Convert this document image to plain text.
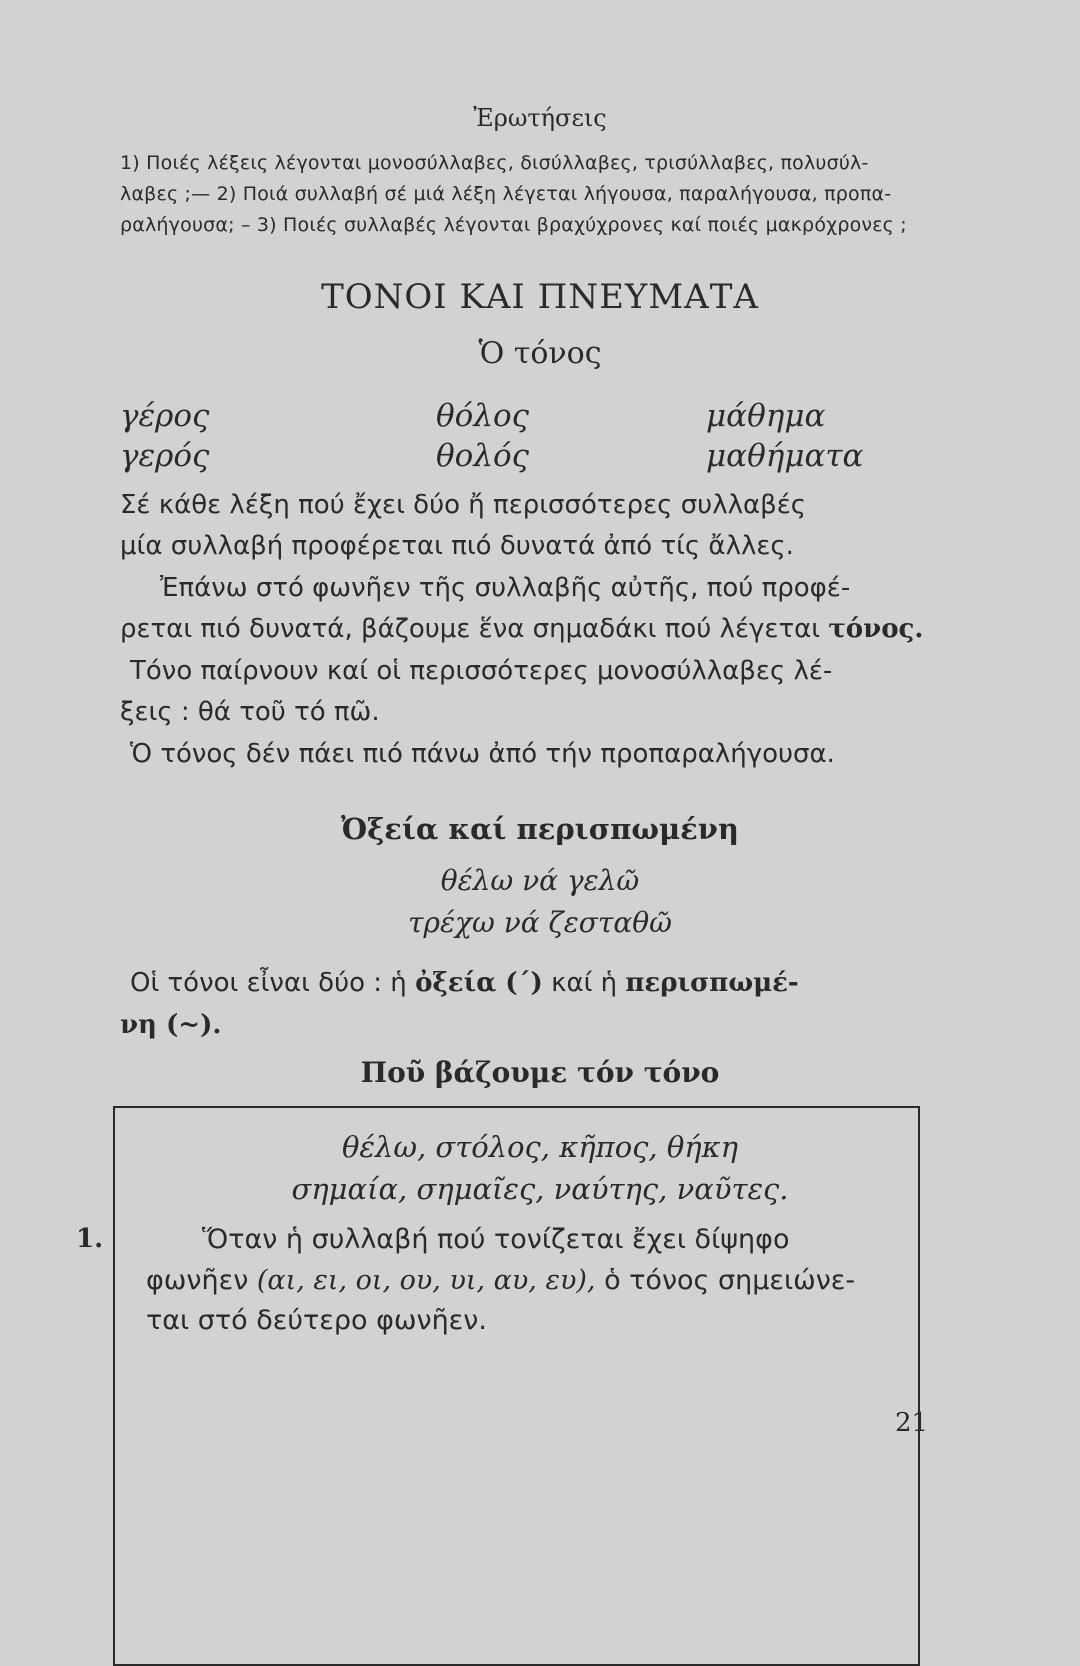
Ἐρωτήσεις
1) Ποιές λέξεις λέγονται μονοσύλλαβες, δισύλλαβες, τρισύλλαβες, πολυσύλ-
λαβες ;— 2) Ποιά συλλαβή σέ μιά λέξη λέγεται λήγουσα, παραλήγουσα, προπα-
ραλήγουσα; – 3) Ποιές συλλαβές λέγονται βραχύχρονες καί ποιές μακρόχρονες ;
ΤΟΝΟΙ ΚΑΙ ΠΝΕΥΜΑΤΑ
Ὁ τόνος
γέρος
γερός
θόλος
θολός
μάθημα
μαθήματα
Σέ κάθε λέξη πού ἔχει δύο ἤ περισσότερες συλλαβές
μία συλλαβή προφέρεται πιό δυνατά ἀπό τίς ἄλλες.
Ἐπάνω στό φωνῆεν τῆς συλλαβῆς αὐτῆς, πού προφέ-
ρεται πιό δυνατά, βάζουμε ἕνα σημαδάκι πού λέγεται τόνος.
Τόνο παίρνουν καί οἱ περισσότερες μονοσύλλαβες λέ-
ξεις : θά τοῦ τό πῶ.
Ὁ τόνος δέν πάει πιό πάνω ἀπό τήν προπαραλήγουσα.
Ὀξεία καί περισπωμένη
θέλω νά γελῶ
τρέχω νά ζεσταθῶ
Οἱ τόνοι εἶναι δύο : ἡ ὀξεία (΄) καί ἡ περισπωμέ-
νη (~).
Ποῦ βάζουμε τόν τόνο
θέλω, στόλος, κῆπος, θήκη
σημαία, σημαῖες, ναύτης, ναῦτες.
1.	Ὅταν ἡ συλλαβή πού τονίζεται ἔχει δίψηφο
φωνῆεν (αι, ει, οι, ου, υι, αυ, ευ), ὁ τόνος σημειώνε-
ται στό δεύτερο φωνῆεν.
21
